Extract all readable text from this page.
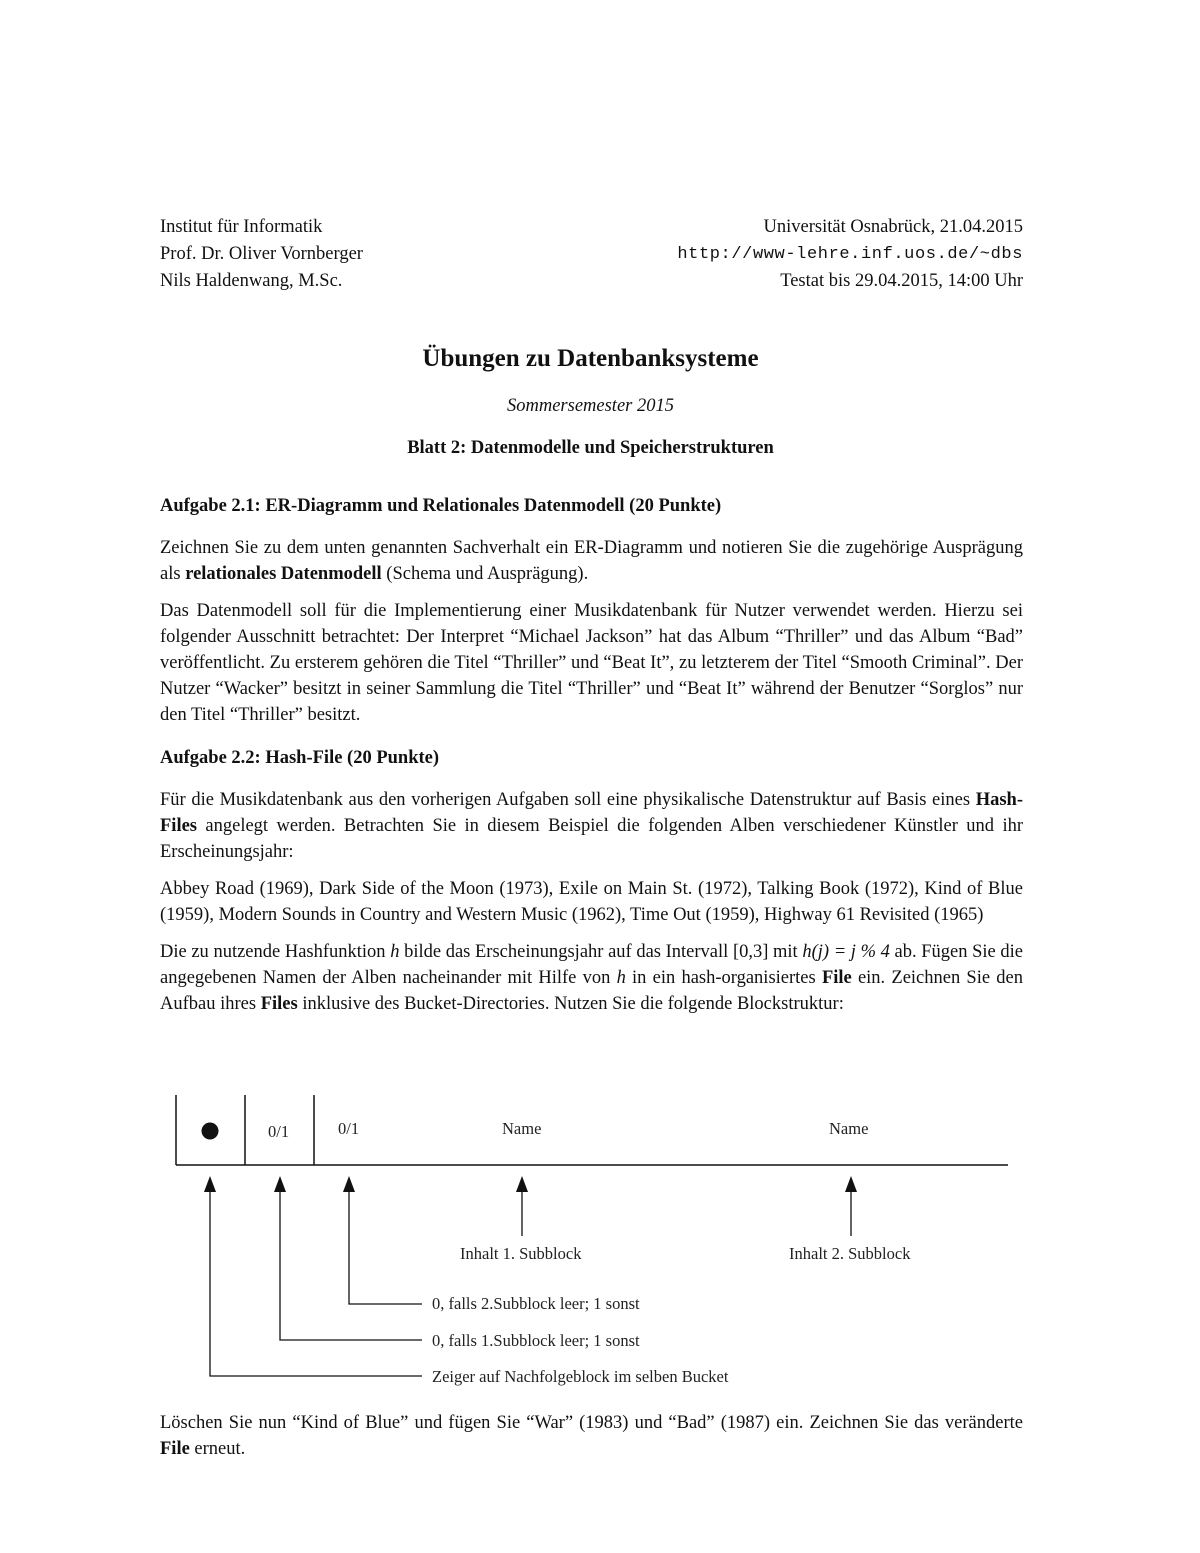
Institut für Informatik
Prof. Dr. Oliver Vornberger
Nils Haldenwang, M.Sc.
Universität Osnabrück, 21.04.2015
http://www-lehre.inf.uos.de/~dbs
Testat bis 29.04.2015, 14:00 Uhr
Übungen zu Datenbanksysteme
Sommersemester 2015
Blatt 2: Datenmodelle und Speicherstrukturen

Aufgabe 2.1: ER-Diagramm und Relationales Datenmodell (20 Punkte)

Zeichnen Sie zu dem unten genannten Sachverhalt ein ER-Diagramm und notieren Sie die zugehörige Ausprägung als relationales Datenmodell (Schema und Ausprägung).

Das Datenmodell soll für die Implementierung einer Musikdatenbank für Nutzer verwendet werden. Hierzu sei folgender Ausschnitt betrachtet: Der Interpret “Michael Jackson” hat das Album “Thriller” und das Album “Bad” veröffentlicht. Zu ersterem gehören die Titel “Thriller” und “Beat It”, zu letzterem der Titel “Smooth Criminal”. Der Nutzer “Wacker” besitzt in seiner Sammlung die Titel “Thriller” und “Beat It” während der Benutzer “Sorglos” nur den Titel “Thriller” besitzt.

Aufgabe 2.2: Hash-File (20 Punkte)

Für die Musikdatenbank aus den vorherigen Aufgaben soll eine physikalische Datenstruktur auf Basis eines Hash-Files angelegt werden. Betrachten Sie in diesem Beispiel die folgenden Alben verschiedener Künstler und ihr Erscheinungsjahr:

Abbey Road (1969), Dark Side of the Moon (1973), Exile on Main St. (1972), Talking Book (1972), Kind of Blue (1959), Modern Sounds in Country and Western Music (1962), Time Out (1959), Highway 61 Revisited (1965)

Die zu nutzende Hashfunktion h bilde das Erscheinungsjahr auf das Intervall [0,3] mit h(j) = j % 4 ab. Fügen Sie die angegebenen Namen der Alben nacheinander mit Hilfe von h in ein hash-organisiertes File ein. Zeichnen Sie den Aufbau ihres Files inklusive des Bucket-Directories. Nutzen Sie die folgende Blockstruktur:

0/1	0/1	Name	Name
Inhalt 1. Subblock	Inhalt 2. Subblock
0, falls 2.Subblock leer; 1 sonst
0, falls 1.Subblock leer; 1 sonst
Zeiger auf Nachfolgeblock im selben Bucket

Löschen Sie nun “Kind of Blue” und fügen Sie “War” (1983) und “Bad” (1987) ein. Zeichnen Sie das veränderte File erneut.
